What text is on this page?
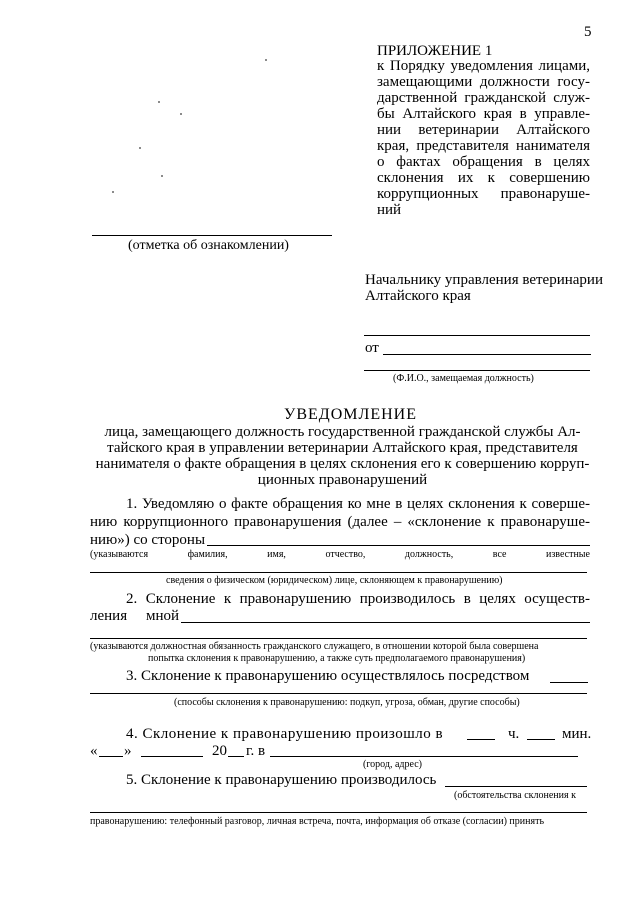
5
ПРИЛОЖЕНИЕ 1
к Порядку уведомления лицами,
замещающими должности госу-
дарственной гражданской служ-
бы Алтайского края в управле-
нии ветеринарии Алтайского
края, представителя нанимателя
о фактах обращения в целях
склонения их к совершению
коррупционных правонаруше-
ний
(отметка об ознакомлении)
Начальнику управления ветеринарии
Алтайского края
от
(Ф.И.О., замещаемая должность)
УВЕДОМЛЕНИЕ
лица, замещающего должность государственной гражданской службы Ал-
тайского края в управлении ветеринарии Алтайского края, представителя
нанимателя о факте обращения в целях склонения его к совершению корруп-
ционных правонарушений
1. Уведомляю о факте обращения ко мне в целях склонения к соверше-
нию коррупционного правонарушения (далее – «склонение к правонаруше-
нию») со стороны
(указываются	фамилия,	имя,	отчество,	должность,	все	известные
сведения о физическом (юридическом) лице, склоняющем к правонарушению)
2. Склонение к правонарушению производилось в целях осуществ-
ления мной
(указываются должностная обязанность гражданского служащего, в отношении которой была совершена
попытка склонения к правонарушению, а также суть предполагаемого правонарушения)
3. Склонение к правонарушению осуществлялось посредством
(способы склонения к правонарушению: подкуп, угроза, обман, другие способы)
4. Склонение к правонарушению произошло в	ч.	мин.
« »	20 г. в
(город, адрес)
5. Склонение к правонарушению производилось
(обстоятельства склонения к
правонарушению: телефонный разговор, личная встреча, почта, информация об отказе (согласии) принять
